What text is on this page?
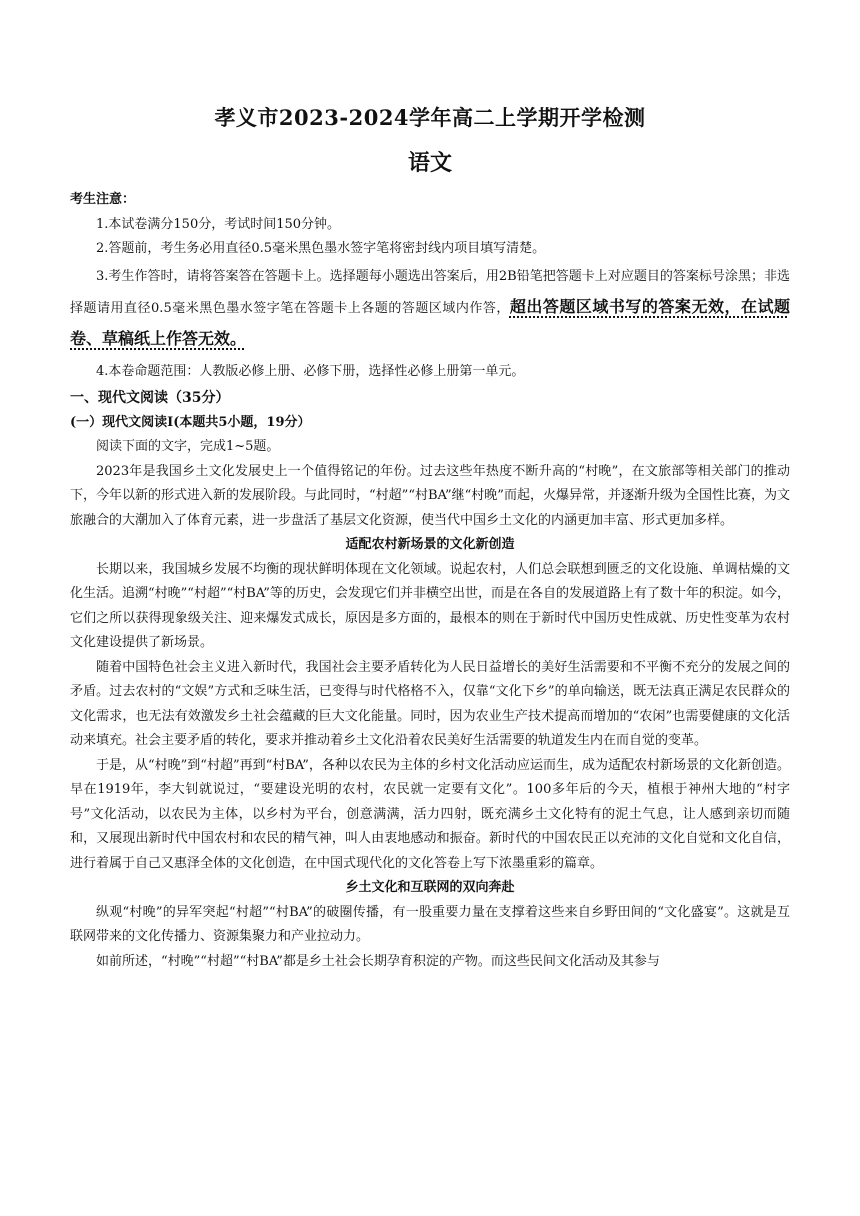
孝义市2023-2024学年高二上学期开学检测
语文

考生注意：

1.本试卷满分150分，考试时间150分钟。

2.答题前，考生务必用直径0.5毫米黑色墨水签字笔将密封线内项目填写清楚。

3.考生作答时，请将答案答在答题卡上。选择题每小题选出答案后，用2B铅笔把答题卡上对应题目的答案标号涂黑；非选择题请用直径0.5毫米黑色墨水签字笔在答题卡上各题的答题区域内作答，超出答题区域书写的答案无效，在试题卷、草稿纸上作答无效。

4.本卷命题范围：人教版必修上册、必修下册，选择性必修上册第一单元。

一、现代文阅读（35分）

(一）现代文阅读Ⅰ(本题共5小题，19分）

阅读下面的文字，完成1~5题。

2023年是我国乡土文化发展史上一个值得铭记的年份。过去这些年热度不断升高的“村晚”，在文旅部等相关部门的推动下，今年以新的形式进入新的发展阶段。与此同时，“村超”“村BA”继“村晚”而起，火爆异常，并逐渐升级为全国性比赛，为文旅融合的大潮加入了体育元素，进一步盘活了基层文化资源，使当代中国乡土文化的内涵更加丰富、形式更加多样。

适配农村新场景的文化新创造

长期以来，我国城乡发展不均衡的现状鲜明体现在文化领域。说起农村，人们总会联想到匮乏的文化设施、单调枯燥的文化生活。追溯“村晚”“村超”“村BA”等的历史，会发现它们并非横空出世，而是在各自的发展道路上有了数十年的积淀。如今，它们之所以获得现象级关注、迎来爆发式成长，原因是多方面的，最根本的则在于新时代中国历史性成就、历史性变革为农村文化建设提供了新场景。

随着中国特色社会主义进入新时代，我国社会主要矛盾转化为人民日益增长的美好生活需要和不平衡不充分的发展之间的矛盾。过去农村的“文娱”方式和乏味生活，已变得与时代格格不入，仅靠“文化下乡”的单向输送，既无法真正满足农民群众的文化需求，也无法有效激发乡土社会蕴藏的巨大文化能量。同时，因为农业生产技术提高而增加的“农闲”也需要健康的文化活动来填充。社会主要矛盾的转化，要求并推动着乡土文化沿着农民美好生活需要的轨道发生内在而自觉的变革。

于是，从“村晚”到“村超”再到“村BA”，各种以农民为主体的乡村文化活动应运而生，成为适配农村新场景的文化新创造。早在1919年，李大钊就说过，“要建设光明的农村，农民就一定要有文化”。100多年后的今天，植根于神州大地的“村字号”文化活动，以农民为主体，以乡村为平台，创意满满，活力四射，既充满乡土文化特有的泥土气息，让人感到亲切而随和，又展现出新时代中国农村和农民的精气神，叫人由衷地感动和振奋。新时代的中国农民正以充沛的文化自觉和文化自信，进行着属于自己又惠泽全体的文化创造，在中国式现代化的文化答卷上写下浓墨重彩的篇章。

乡土文化和互联网的双向奔赴

纵观“村晚”的异军突起“村超”“村BA”的破圈传播，有一股重要力量在支撑着这些来自乡野田间的“文化盛宴”。这就是互联网带来的文化传播力、资源集聚力和产业拉动力。

如前所述，“村晚”“村超”“村BA”都是乡土社会长期孕育积淀的产物。而这些民间文化活动及其参与
